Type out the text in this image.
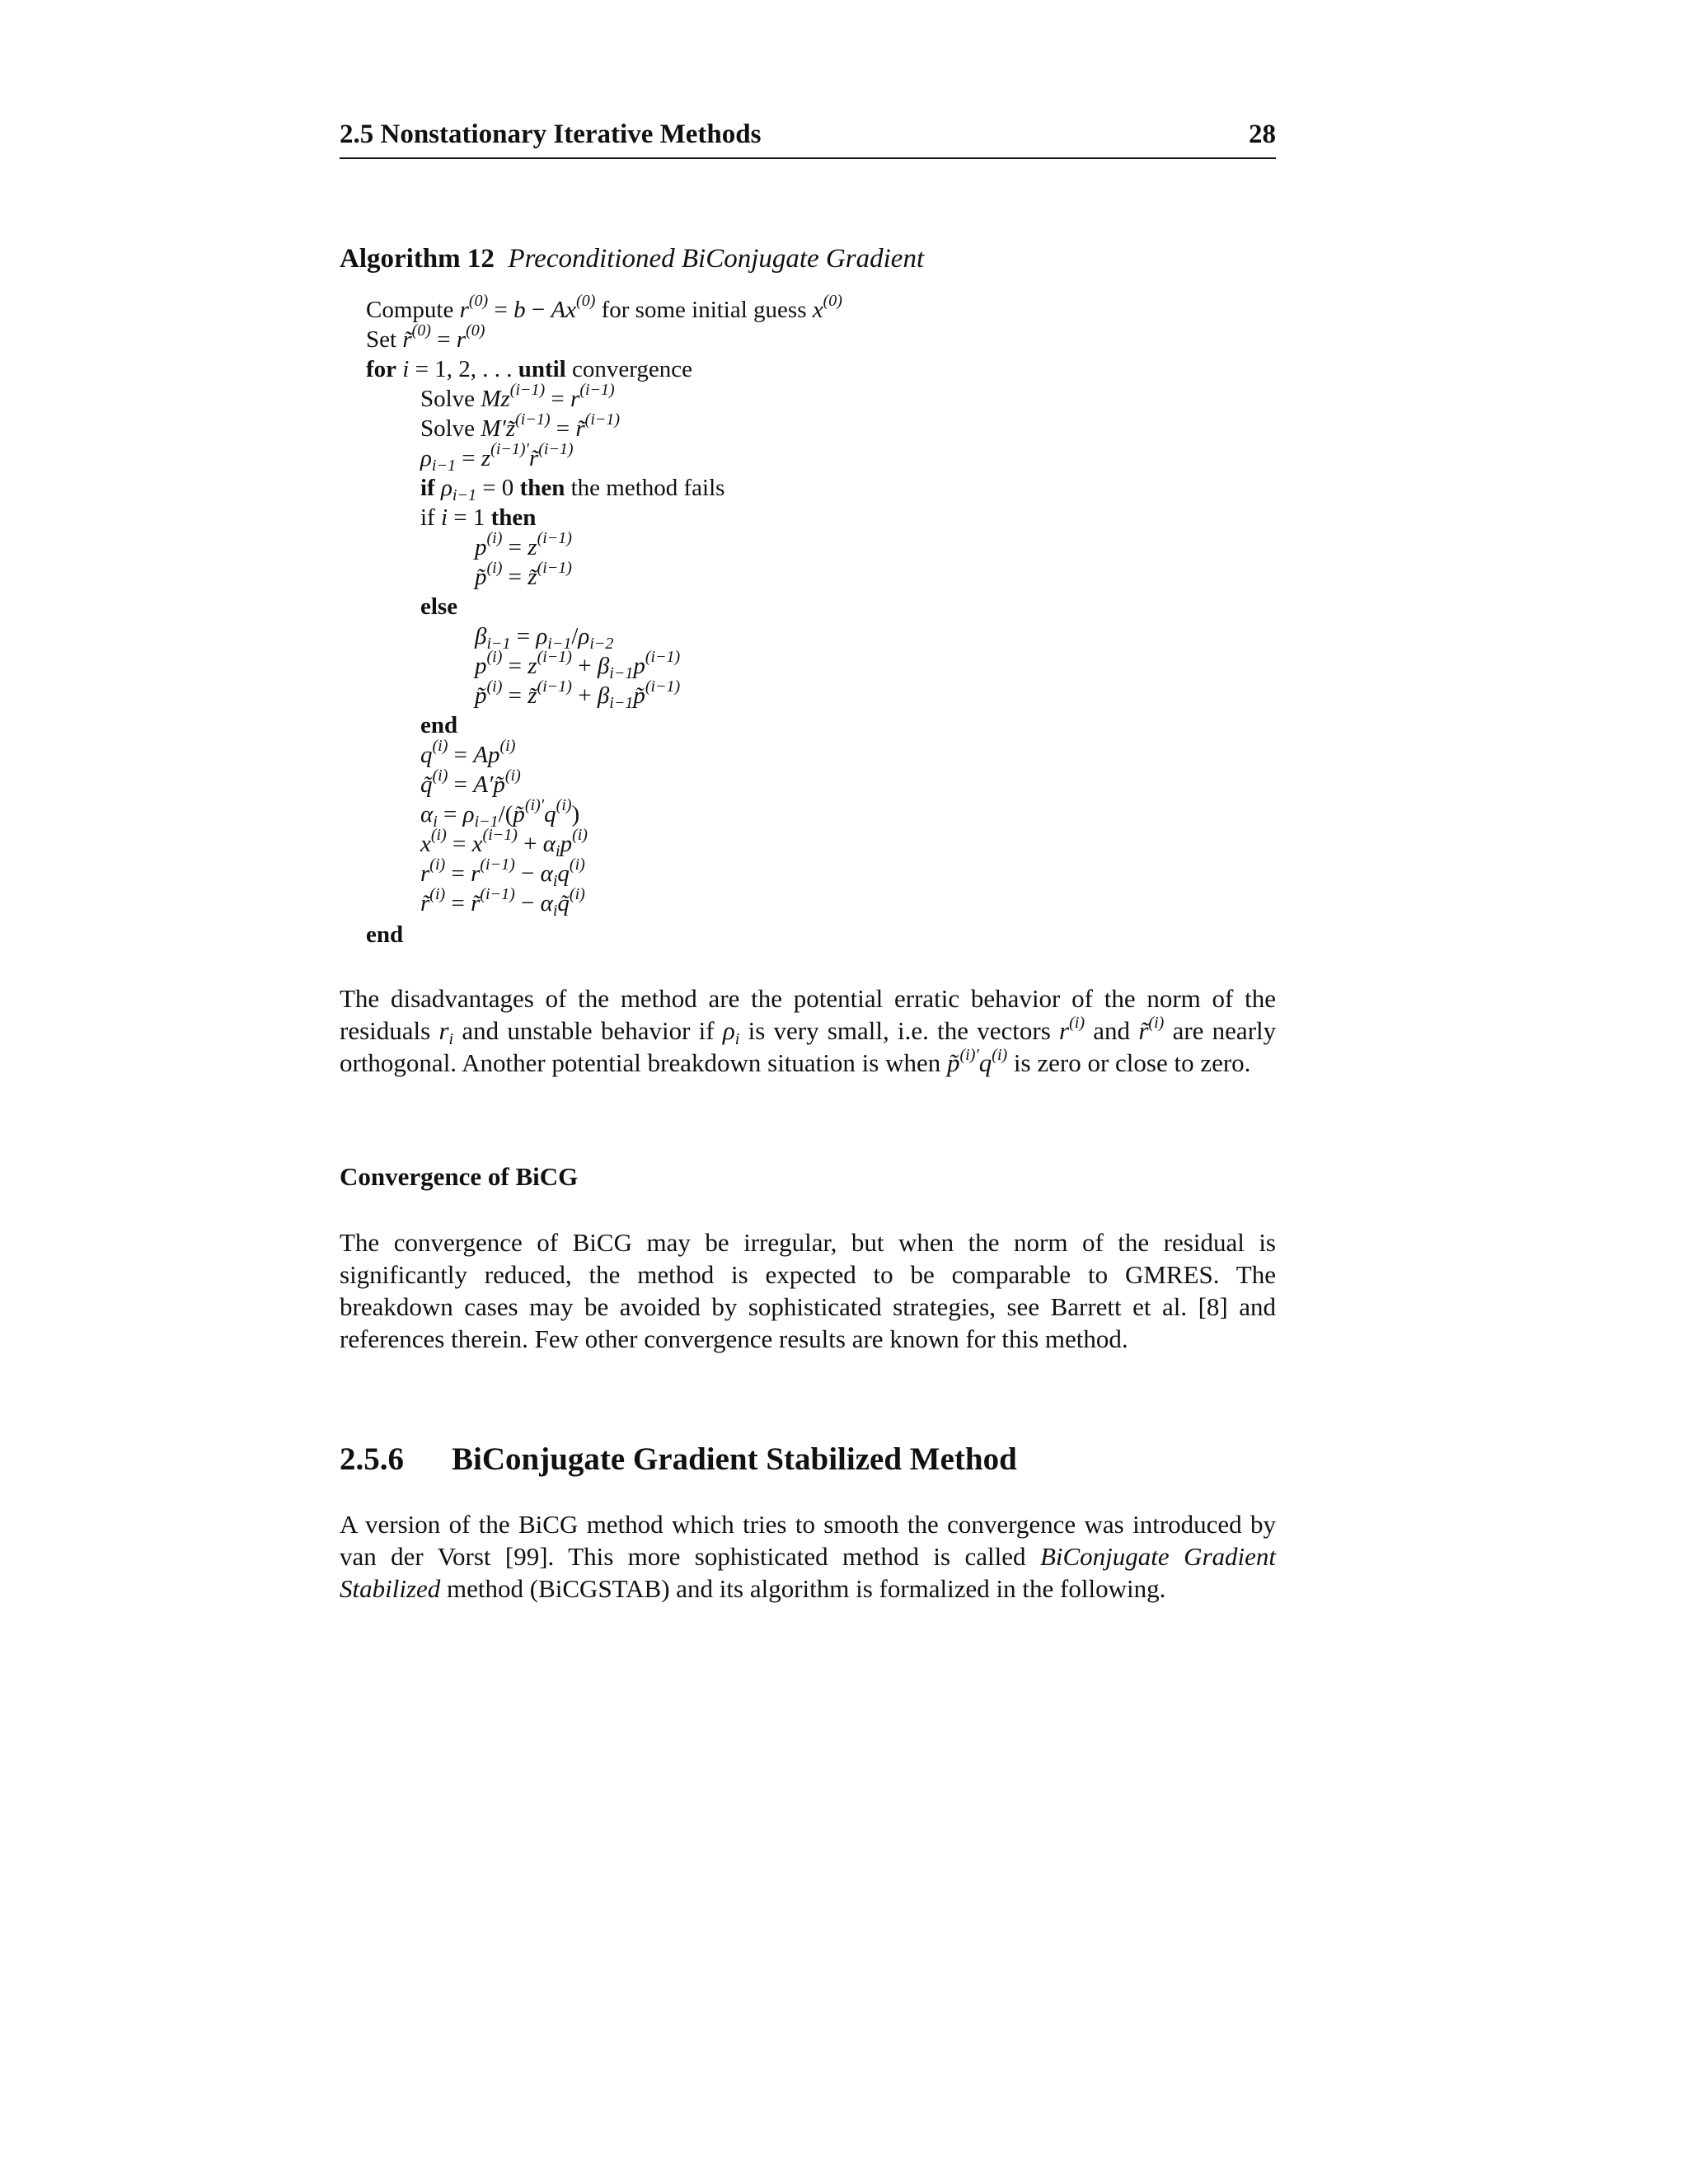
2.5 Nonstationary Iterative Methods	28
Algorithm 12 Preconditioned BiConjugate Gradient
Compute $r^{(0)} = b - Ax^{(0)}$ for some initial guess $x^{(0)}$
Set r̃$^{(0)}$ = $r^{(0)}$
for i = 1, 2, . . . until convergence
Solve $Mz^{(i-1)} = r^{(i-1)}$
Solve M′z̃$^{(i-1)}$ = r̃$^{(i-1)}$
$\rho_{i-1}$ = $z^{(i-1)'}r̃^{(i-1)}$
if $\rho_{i-1} = 0$ then the method fails
if i = 1 then
$p^{(i)} = z^{(i-1)}$
p̃$^{(i)}$ = z̃$^{(i-1)}$
else
$\beta_{i-1} = \rho_{i-1}/\rho_{i-2}$
$p^{(i)} = z^{(i-1)} + \beta_{i-1}p^{(i-1)}$
p̃$^{(i)}$ = z̃$^{(i-1)}$ + $\beta_{i-1}p̃^{(i-1)}$
end
$q^{(i)} = Ap^{(i)}$
q̃$^{(i)}$ = A′p̃$^{(i)}$
$\alpha_i$ = $\rho_{i-1}/(p̃^{(i)'}q^{(i)})$
$x^{(i)} = x^{(i-1)} + \alpha_ip^{(i)}$
$r^{(i)} = r^{(i-1)} - \alpha_iq^{(i)}$
r̃$^{(i)}$ = r̃$^{(i-1)}$ − $\alpha_iq̃^{(i)}$
end
The disadvantages of the method are the potential erratic behavior of the norm of the residuals $r_i$ and unstable behavior if $\rho_i$ is very small, i.e. the vectors $r^{(i)}$ and r̃$^{(i)}$ are nearly orthogonal. Another potential breakdown situation is when $p̃^{(i)'}q^{(i)}$ is zero or close to zero.
Convergence of BiCG
The convergence of BiCG may be irregular, but when the norm of the residual is significantly reduced, the method is expected to be comparable to GMRES. The breakdown cases may be avoided by sophisticated strategies, see Barrett et al. [8] and references therein. Few other convergence results are known for this method.
2.5.6 BiConjugate Gradient Stabilized Method
A version of the BiCG method which tries to smooth the convergence was introduced by van der Vorst [99]. This more sophisticated method is called BiConjugate Gradient Stabilized method (BiCGSTAB) and its algorithm is formalized in the following.
